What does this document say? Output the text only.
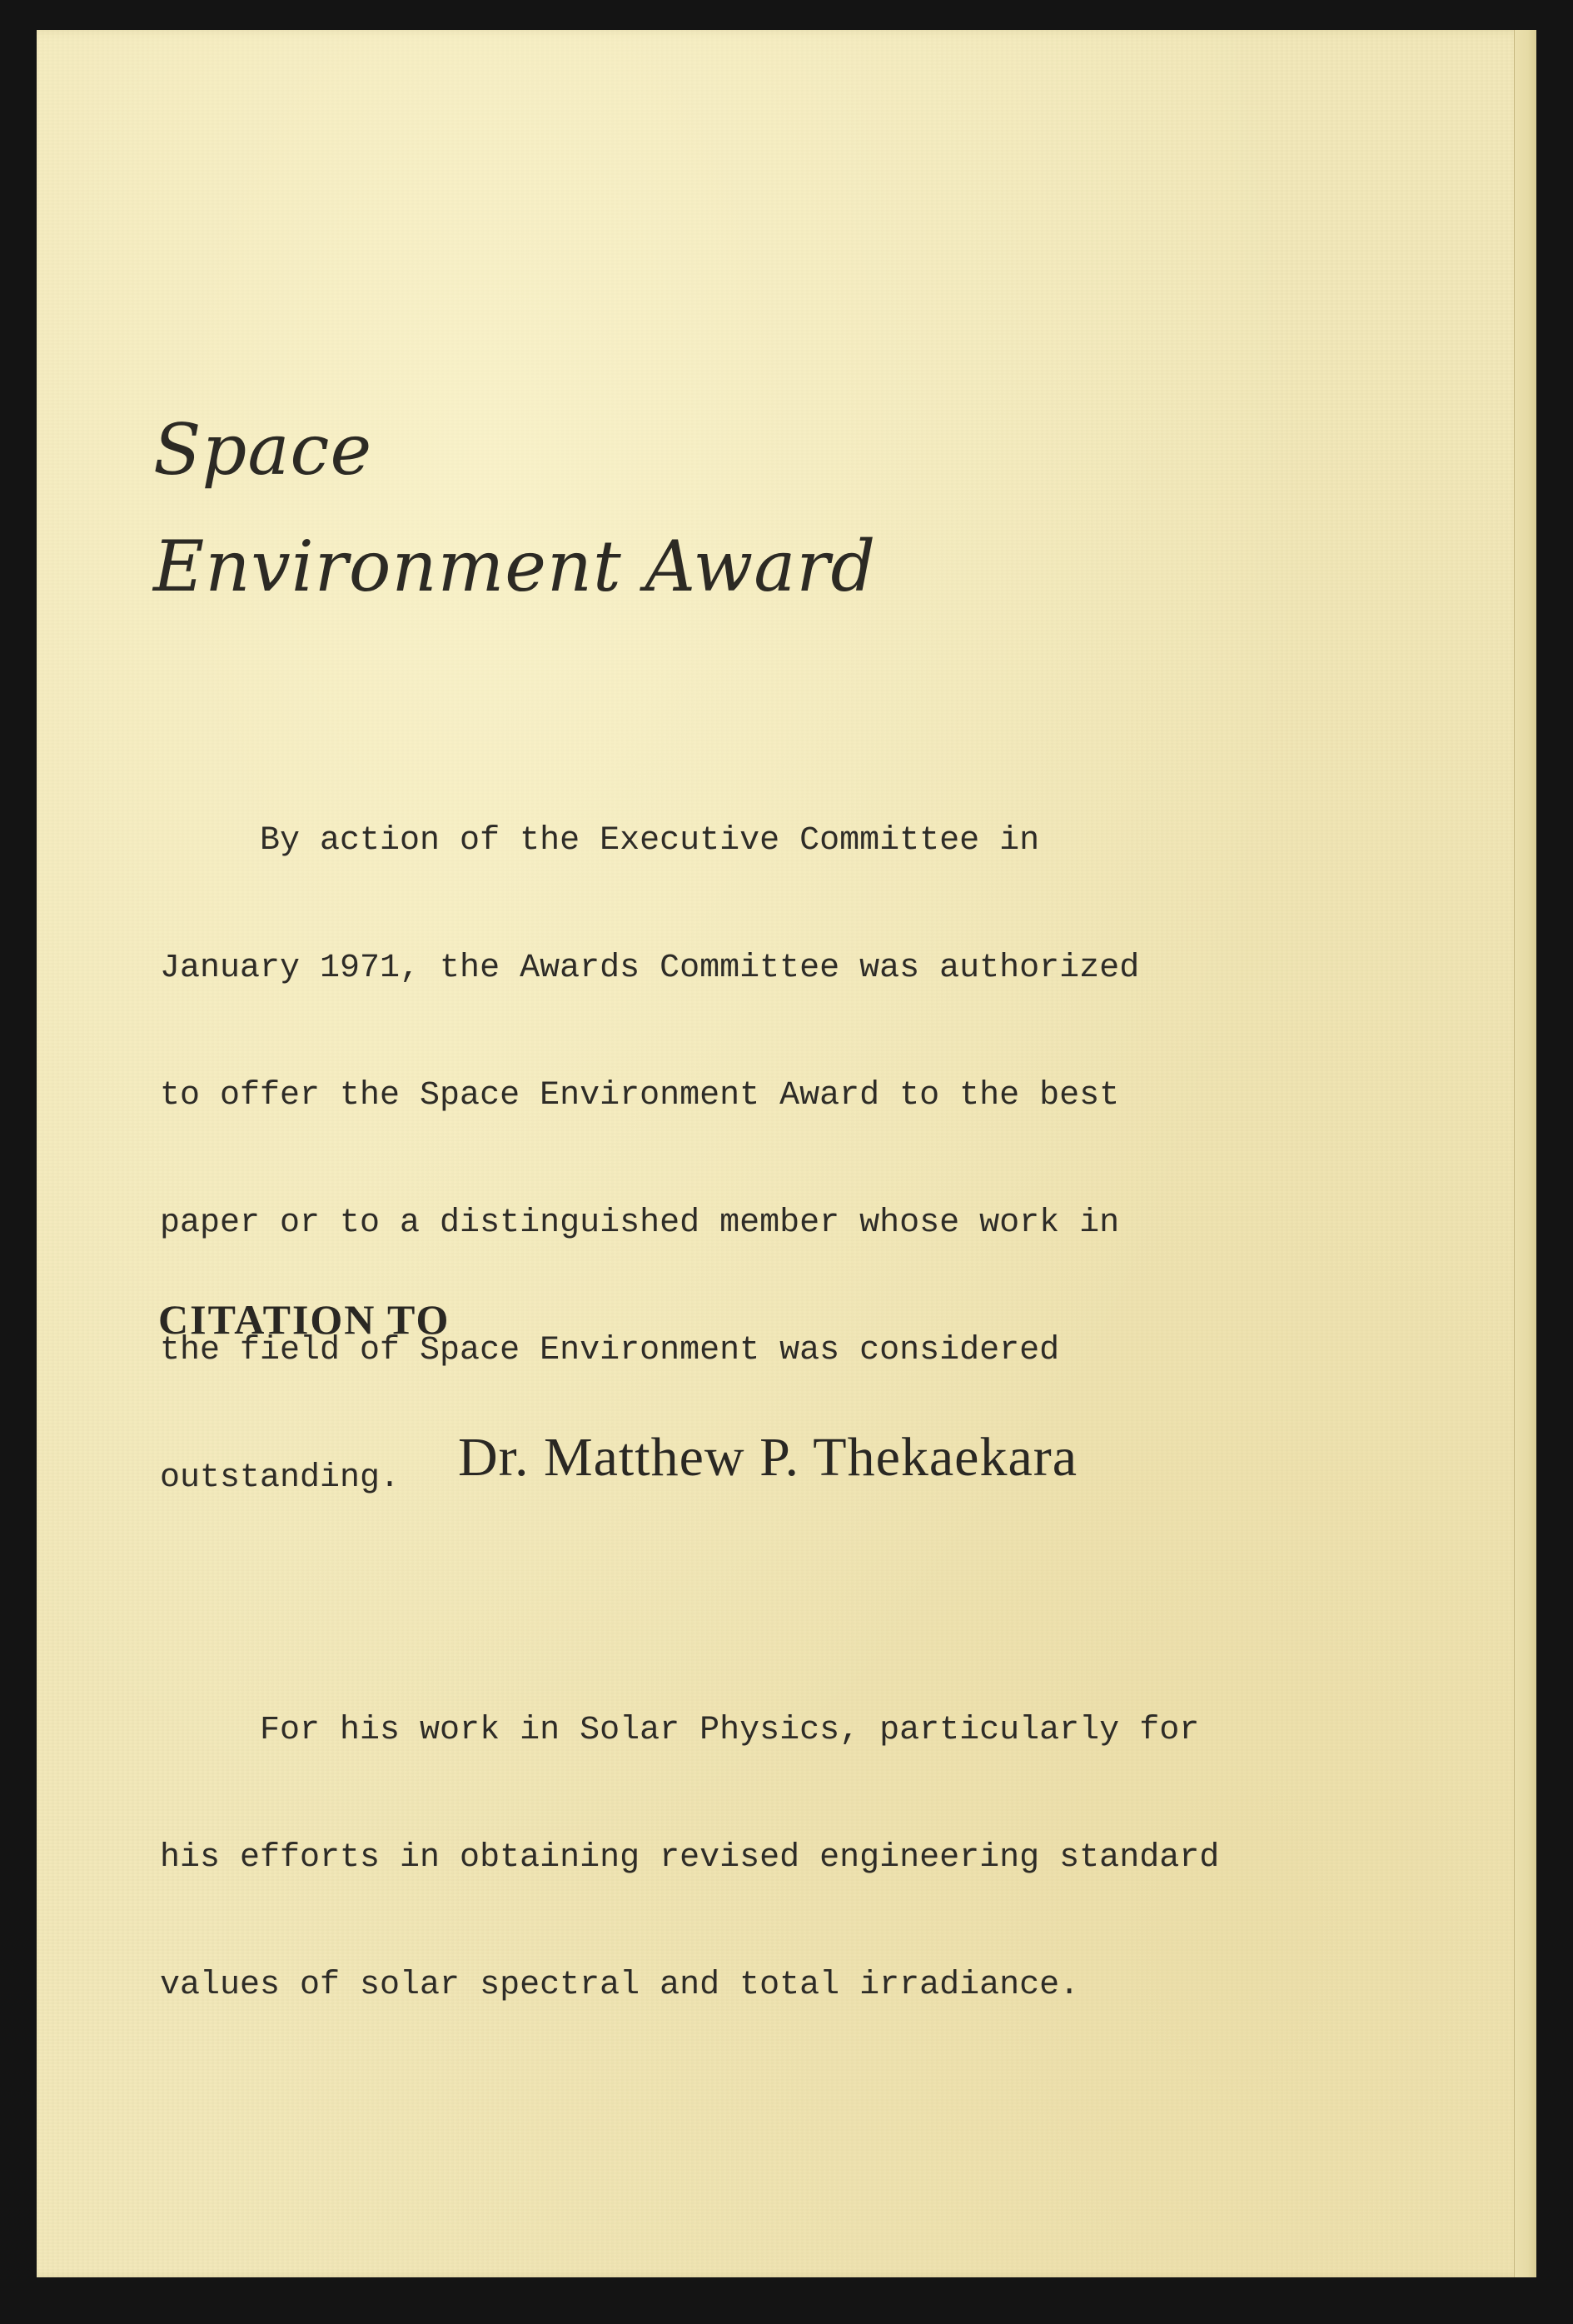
Space
Environment Award

By action of the Executive Committee in

January 1971, the Awards Committee was authorized

to offer the Space Environment Award to the best

paper or to a distinguished member whose work in

the field of Space Environment was considered

outstanding.

CITATION TO
Dr. Matthew P. Thekaekara

For his work in Solar Physics, particularly for

his efforts in obtaining revised engineering standard

values of solar spectral and total irradiance.
